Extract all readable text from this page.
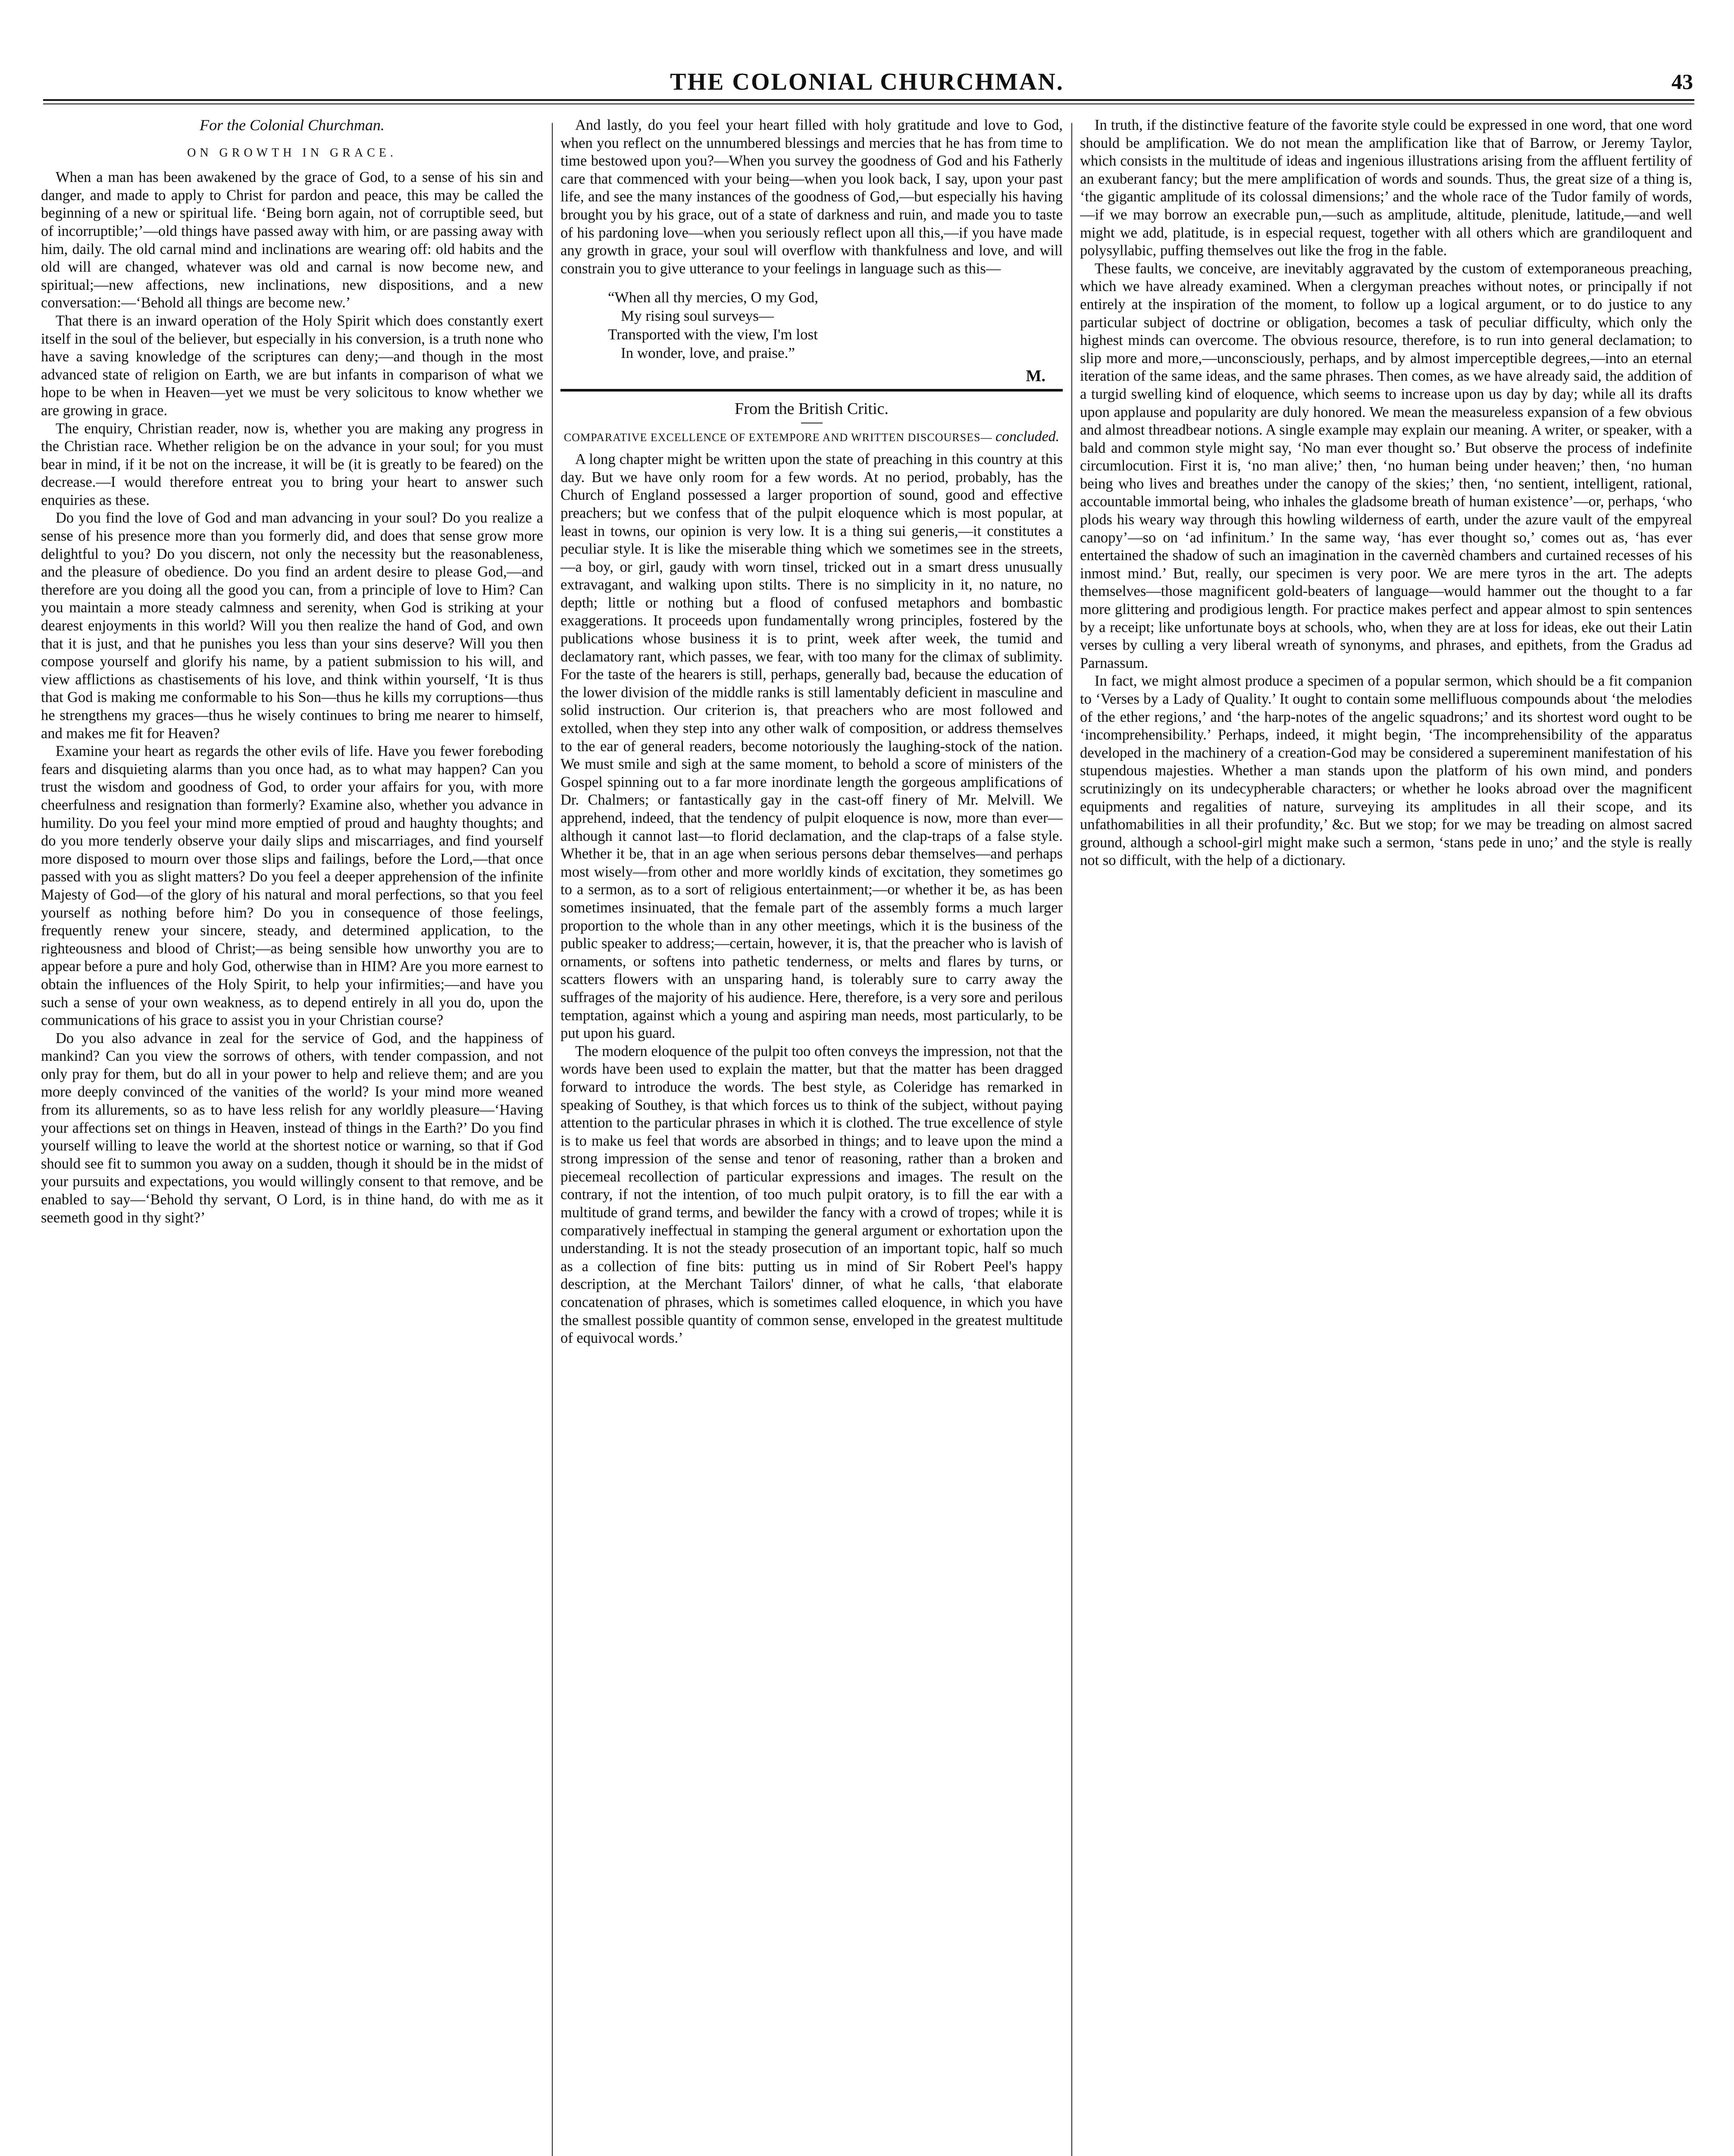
THE COLONIAL CHURCHMAN.	43
For the Colonial Churchman.
ON GROWTH IN GRACE.

When a man has been awakened by the grace of God, to a sense of his sin and danger, and made to apply to Christ for pardon and peace, this may be called the beginning of a new or spiritual life. ‘Being born again, not of corruptible seed, but of incorruptible;’—old things have passed away with him, or are passing away with him, daily. The old carnal mind and inclinations are wearing off: old habits and the old will are changed, whatever was old and carnal is now become new, and spiritual;—new affections, new inclinations, new dispositions, and a new conversation:—‘Behold all things are become new.’

That there is an inward operation of the Holy Spirit which does constantly exert itself in the soul of the believer, but especially in his conversion, is a truth none who have a saving knowledge of the scriptures can deny;—and though in the most advanced state of religion on Earth, we are but infants in comparison of what we hope to be when in Heaven—yet we must be very solicitous to know whether we are growing in grace.

The enquiry, Christian reader, now is, whether you are making any progress in the Christian race. Whether religion be on the advance in your soul; for you must bear in mind, if it be not on the increase, it will be (it is greatly to be feared) on the decrease.—I would therefore entreat you to bring your heart to answer such enquiries as these.

Do you find the love of God and man advancing in your soul? Do you realize a sense of his presence more than you formerly did, and does that sense grow more delightful to you? Do you discern, not only the necessity but the reasonableness, and the pleasure of obedience. Do you find an ardent desire to please God,—and therefore are you doing all the good you can, from a principle of love to Him? Can you maintain a more steady calmness and serenity, when God is striking at your dearest enjoyments in this world? Will you then realize the hand of God, and own that it is just, and that he punishes you less than your sins deserve? Will you then compose yourself and glorify his name, by a patient submission to his will, and view afflictions as chastisements of his love, and think within yourself, ‘It is thus that God is making me conformable to his Son—thus he kills my corruptions—thus he strengthens my graces—thus he wisely continues to bring me nearer to himself, and makes me fit for Heaven?

Examine your heart as regards the other evils of life. Have you fewer foreboding fears and disquieting alarms than you once had, as to what may happen? Can you trust the wisdom and goodness of God, to order your affairs for you, with more cheerfulness and resignation than formerly? Examine also, whether you advance in humility. Do you feel your mind more emptied of proud and haughty thoughts; and do you more tenderly observe your daily slips and miscarriages, and find yourself more disposed to mourn over those slips and failings, before the Lord,—that once passed with you as slight matters? Do you feel a deeper apprehension of the infinite Majesty of God—of the glory of his natural and moral perfections, so that you feel yourself as nothing before him? Do you in consequence of those feelings, frequently renew your sincere, steady, and determined application, to the righteousness and blood of Christ;—as being sensible how unworthy you are to appear before a pure and holy God, otherwise than in HIM? Are you more earnest to obtain the influences of the Holy Spirit, to help your infirmities;—and have you such a sense of your own weakness, as to depend entirely in all you do, upon the communications of his grace to assist you in your Christian course?

Do you also advance in zeal for the service of God, and the happiness of mankind? Can you view the sorrows of others, with tender compassion, and not only pray for them, but do all in your power to help and relieve them; and are you more deeply convinced of the vanities of the world? Is your mind more weaned from its allurements, so as to have less relish for any worldly pleasure—‘Having your affections set on things in Heaven, instead of things in the Earth?’ Do you find yourself willing to leave the world at the shortest notice or warning, so that if God should see fit to summon you away on a sudden, though it should be in the midst of your pursuits and expectations, you would willingly consent to that remove, and be enabled to say—‘Behold thy servant, O Lord, is in thine hand, do with me as it seemeth good in thy sight?’

And lastly, do you feel your heart filled with holy gratitude and love to God, when you reflect on the unnumbered blessings and mercies that he has from time to time bestowed upon you?—When you survey the goodness of God and his Fatherly care that commenced with your being—when you look back, I say, upon your past life, and see the many instances of the goodness of God,—but especially his having brought you by his grace, out of a state of darkness and ruin, and made you to taste of his pardoning love—when you seriously reflect upon all this,—if you have made any growth in grace, your soul will overflow with thankfulness and love, and will constrain you to give utterance to your feelings in language such as this—

“When all thy mercies, O my God,
My rising soul surveys—
Transported with the view, I'm lost
In wonder, love, and praise.”
M.
From the British Critic.
COMPARATIVE EXCELLENCE OF EXTEMPORE AND WRITTEN DISCOURSES— concluded.

A long chapter might be written upon the state of preaching in this country at this day. But we have only room for a few words. At no period, probably, has the Church of England possessed a larger proportion of sound, good and effective preachers; but we confess that of the pulpit eloquence which is most popular, at least in towns, our opinion is very low. It is a thing sui generis,—it constitutes a peculiar style. It is like the miserable thing which we sometimes see in the streets,—a boy, or girl, gaudy with worn tinsel, tricked out in a smart dress unusually extravagant, and walking upon stilts. There is no simplicity in it, no nature, no depth; little or nothing but a flood of confused metaphors and bombastic exaggerations. It proceeds upon fundamentally wrong principles, fostered by the publications whose business it is to print, week after week, the tumid and declamatory rant, which passes, we fear, with too many for the climax of sublimity. For the taste of the hearers is still, perhaps, generally bad, because the education of the lower division of the middle ranks is still lamentably deficient in masculine and solid instruction. Our criterion is, that preachers who are most followed and extolled, when they step into any other walk of composition, or address themselves to the ear of general readers, become notoriously the laughing-stock of the nation. We must smile and sigh at the same moment, to behold a score of ministers of the Gospel spinning out to a far more inordinate length the gorgeous amplifications of Dr. Chalmers; or fantastically gay in the cast-off finery of Mr. Melvill. We apprehend, indeed, that the tendency of pulpit eloquence is now, more than ever—although it cannot last—to florid declamation, and the clap-traps of a false style. Whether it be, that in an age when serious persons debar themselves—and perhaps most wisely—from other and more worldly kinds of excitation, they sometimes go to a sermon, as to a sort of religious entertainment;—or whether it be, as has been sometimes insinuated, that the female part of the assembly forms a much larger proportion to the whole than in any other meetings, which it is the business of the public speaker to address;—certain, however, it is, that the preacher who is lavish of ornaments, or softens into pathetic tenderness, or melts and flares by turns, or scatters flowers with an unsparing hand, is tolerably sure to carry away the suffrages of the majority of his audience. Here, therefore, is a very sore and perilous temptation, against which a young and aspiring man needs, most particularly, to be put upon his guard.

The modern eloquence of the pulpit too often conveys the impression, not that the words have been used to explain the matter, but that the matter has been dragged forward to introduce the words. The best style, as Coleridge has remarked in speaking of Southey, is that which forces us to think of the subject, without paying attention to the particular phrases in which it is clothed. The true excellence of style is to make us feel that words are absorbed in things; and to leave upon the mind a strong impression of the sense and tenor of reasoning, rather than a broken and piecemeal recollection of particular expressions and images. The result on the contrary, if not the intention, of too much pulpit oratory, is to fill the ear with a multitude of grand terms, and bewilder the fancy with a crowd of tropes; while it is comparatively ineffectual in stamping the general argument or exhortation upon the understanding. It is not the steady prosecution of an important topic, half so much as a collection of fine bits: putting us in mind of Sir Robert Peel's happy description, at the Merchant Tailors' dinner, of what he calls, ‘that elaborate concatenation of phrases, which is sometimes called eloquence, in which you have the smallest possible quantity of common sense, enveloped in the greatest multitude of equivocal words.’

In truth, if the distinctive feature of the favorite style could be expressed in one word, that one word should be amplification. We do not mean the amplification like that of Barrow, or Jeremy Taylor, which consists in the multitude of ideas and ingenious illustrations arising from the affluent fertility of an exuberant fancy; but the mere amplification of words and sounds. Thus, the great size of a thing is, ‘the gigantic amplitude of its colossal dimensions;’ and the whole race of the Tudor family of words,—if we may borrow an execrable pun,—such as amplitude, altitude, plenitude, latitude,—and well might we add, platitude, is in especial request, together with all others which are grandiloquent and polysyllabic, puffing themselves out like the frog in the fable.

These faults, we conceive, are inevitably aggravated by the custom of extemporaneous preaching, which we have already examined. When a clergyman preaches without notes, or principally if not entirely at the inspiration of the moment, to follow up a logical argument, or to do justice to any particular subject of doctrine or obligation, becomes a task of peculiar difficulty, which only the highest minds can overcome. The obvious resource, therefore, is to run into general declamation; to slip more and more,—unconsciously, perhaps, and by almost imperceptible degrees,—into an eternal iteration of the same ideas, and the same phrases. Then comes, as we have already said, the addition of a turgid swelling kind of eloquence, which seems to increase upon us day by day; while all its drafts upon applause and popularity are duly honored. We mean the measureless expansion of a few obvious and almost threadbear notions. A single example may explain our meaning. A writer, or speaker, with a bald and common style might say, ‘No man ever thought so.’ But observe the process of indefinite circumlocution. First it is, ‘no man alive;’ then, ‘no human being under heaven;’ then, ‘no human being who lives and breathes under the canopy of the skies;’ then, ‘no sentient, intelligent, rational, accountable immortal being, who inhales the gladsome breath of human existence’—or, perhaps, ‘who plods his weary way through this howling wilderness of earth, under the azure vault of the empyreal canopy’—so on ‘ad infinitum.’ In the same way, ‘has ever thought so,’ comes out as, ‘has ever entertained the shadow of such an imagination in the cavernèd chambers and curtained recesses of his inmost mind.’ But, really, our specimen is very poor. We are mere tyros in the art. The adepts themselves—those magnificent gold-beaters of language—would hammer out the thought to a far more glittering and prodigious length. For practice makes perfect and appear almost to spin sentences by a receipt; like unfortunate boys at schools, who, when they are at loss for ideas, eke out their Latin verses by culling a very liberal wreath of synonyms, and phrases, and epithets, from the Gradus ad Parnassum.

In fact, we might almost produce a specimen of a popular sermon, which should be a fit companion to ‘Verses by a Lady of Quality.’ It ought to contain some mellifluous compounds about ‘the melodies of the ether regions,’ and ‘the harp-notes of the angelic squadrons;’ and its shortest word ought to be ‘incomprehensibility.’ Perhaps, indeed, it might begin, ‘The incomprehensibility of the apparatus developed in the machinery of a creation-God may be considered a supereminent manifestation of his stupendous majesties. Whether a man stands upon the platform of his own mind, and ponders scrutinizingly on its undecypherable characters; or whether he looks abroad over the magnificent equipments and regalities of nature, surveying its amplitudes in all their scope, and its unfathomabilities in all their profundity,’ &c. But we stop; for we may be treading on almost sacred ground, although a school-girl might make such a sermon, ‘stans pede in uno;’ and the style is really not so difficult, with the help of a dictionary.
